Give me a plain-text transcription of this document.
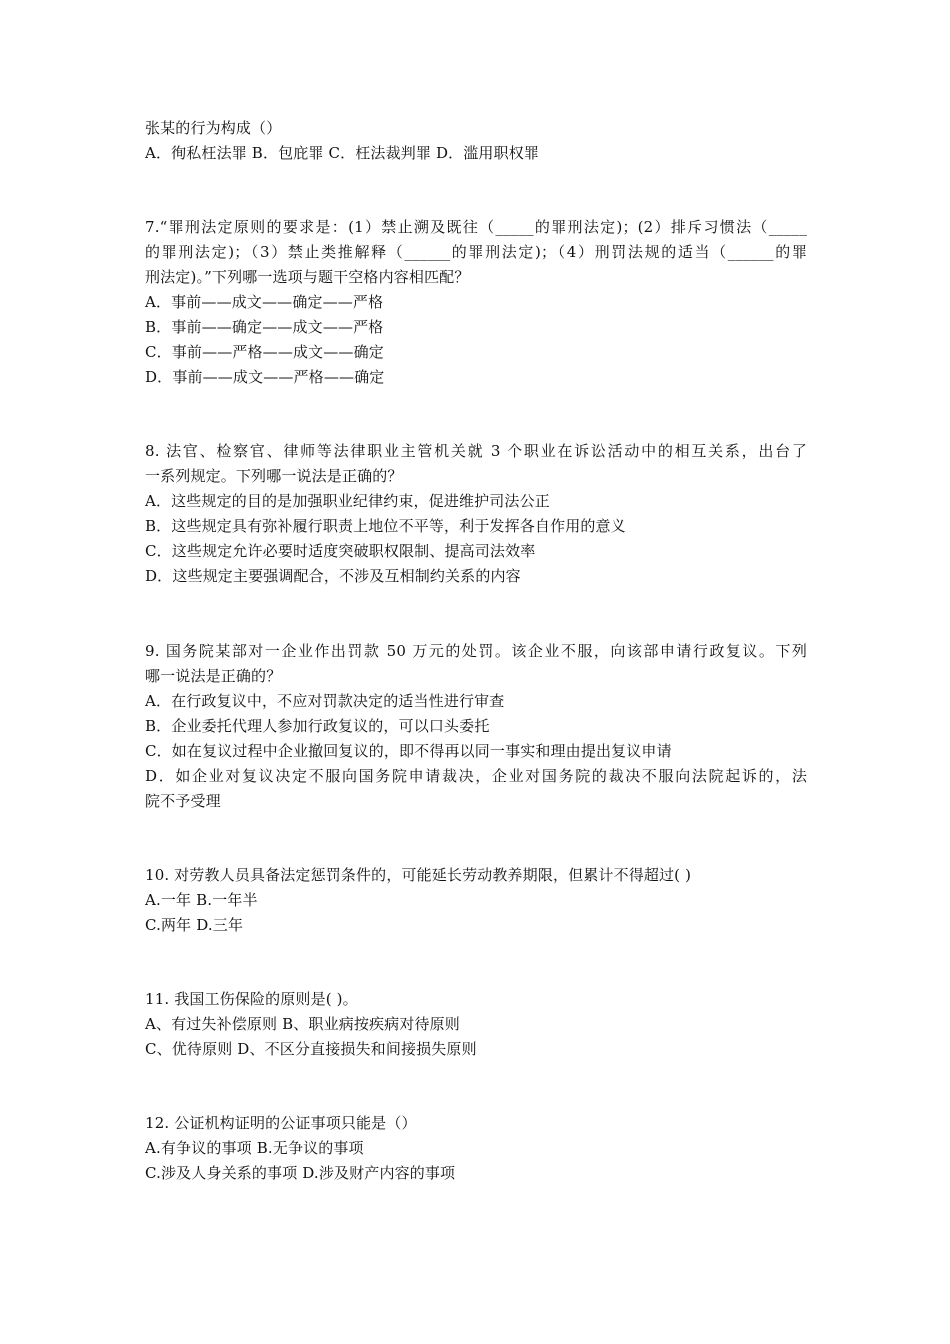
张某的行为构成（）
A．徇私枉法罪 B．包庇罪 C．枉法裁判罪 D．滥用职权罪
7.“罪刑法定原则的要求是：(1）禁止溯及既往（_____的罪刑法定)；(2）排斥习惯法（_____
的罪刑法定)；（3）禁止类推解释（______的罪刑法定)；（4）刑罚法规的适当（______的罪
刑法定)。”下列哪一选项与题干空格内容相匹配？
A．事前——成文——确定——严格
B．事前——确定——成文——严格
C．事前——严格——成文——确定
D．事前——成文——严格——确定
8. 法官、检察官、律师等法律职业主管机关就 3 个职业在诉讼活动中的相互关系，出台了
一系列规定。下列哪一说法是正确的？
A．这些规定的目的是加强职业纪律约束，促进维护司法公正
B．这些规定具有弥补履行职责上地位不平等，利于发挥各自作用的意义
C．这些规定允许必要时适度突破职权限制、提高司法效率
D．这些规定主要强调配合，不涉及互相制约关系的内容
9. 国务院某部对一企业作出罚款 50 万元的处罚。该企业不服，向该部申请行政复议。下列
哪一说法是正确的？
A．在行政复议中，不应对罚款决定的适当性进行审查
B．企业委托代理人参加行政复议的，可以口头委托
C．如在复议过程中企业撤回复议的，即不得再以同一事实和理由提出复议申请
D．如企业对复议决定不服向国务院申请裁决，企业对国务院的裁决不服向法院起诉的，法
院不予受理
10. 对劳教人员具备法定惩罚条件的，可能延长劳动教养期限，但累计不得超过( )
A.一年 B.一年半
C.两年 D.三年
11. 我国工伤保险的原则是( )。
A、有过失补偿原则 B、职业病按疾病对待原则
C、优待原则 D、不区分直接损失和间接损失原则
12. 公证机构证明的公证事项只能是（）
A.有争议的事项 B.无争议的事项
C.涉及人身关系的事项 D.涉及财产内容的事项
